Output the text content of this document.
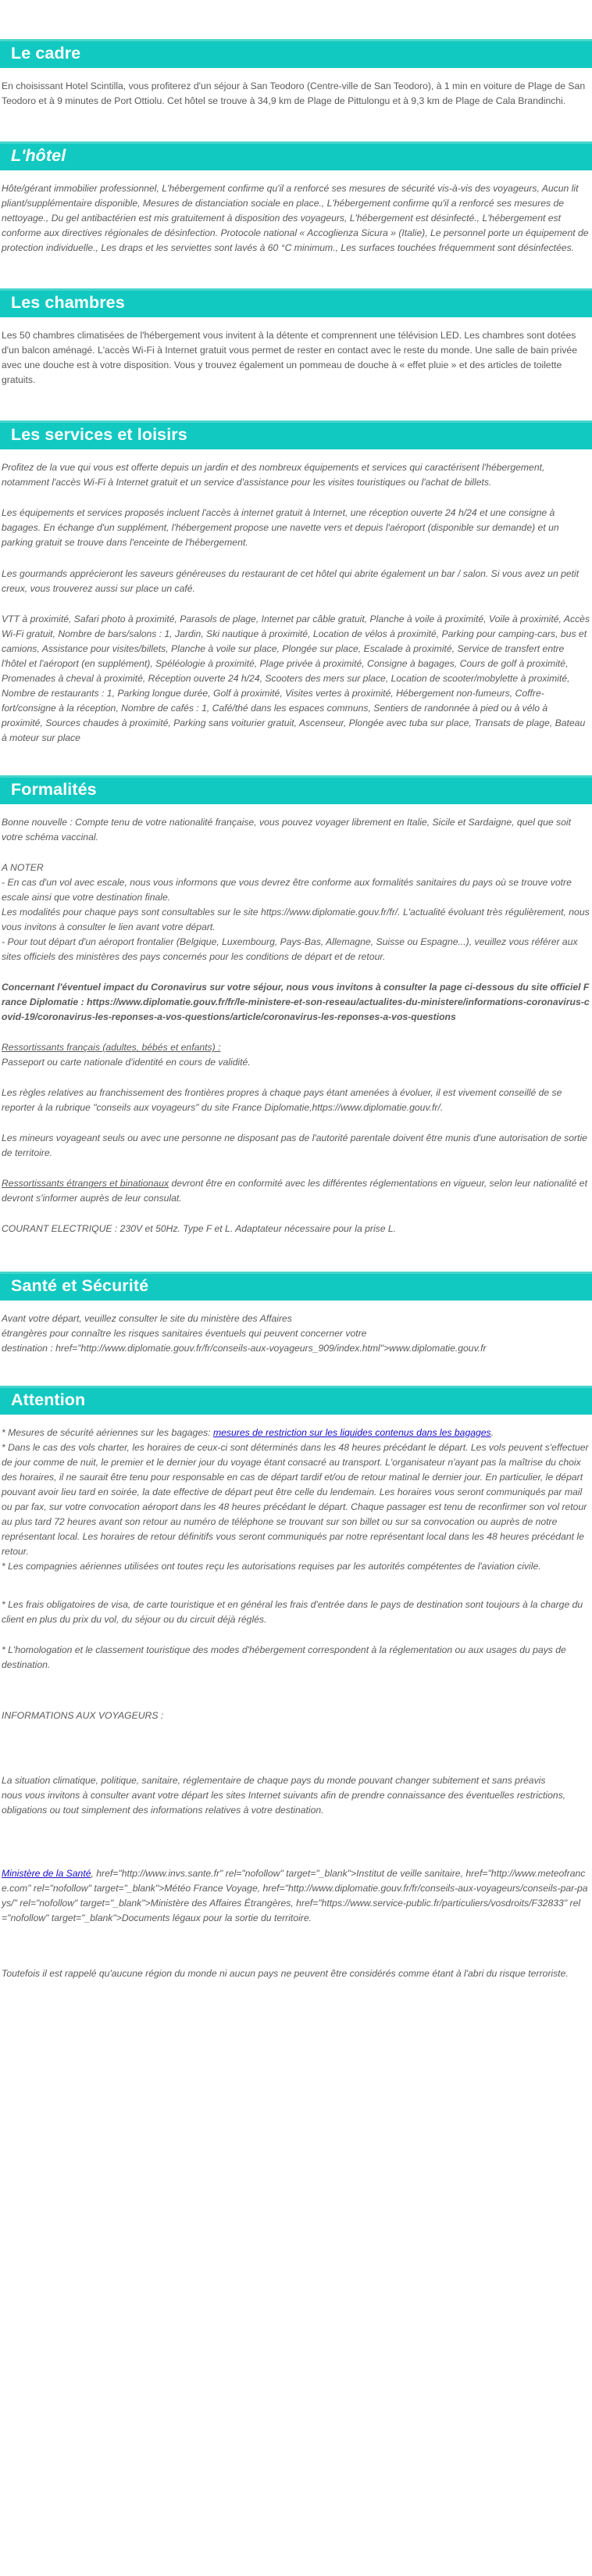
Le cadre

En choisissant Hotel Scintilla, vous profiterez d'un séjour à San Teodoro (Centre-ville de San Teodoro), à 1 min en voiture de Plage de San Teodoro et à 9 minutes de Port Ottiolu. Cet hôtel se trouve à 34,9 km de Plage de Pittulongu et à 9,3 km de Plage de Cala Brandinchi.

L'hôtel

Hôte/gérant immobilier professionnel, L'hébergement confirme qu'il a renforcé ses mesures de sécurité vis-à-vis des voyageurs, Aucun lit pliant/supplémentaire disponible, Mesures de distanciation sociale en place., L'hébergement confirme qu'il a renforcé ses mesures de nettoyage., Du gel antibactérien est mis gratuitement à disposition des voyageurs, L'hébergement est désinfecté., L'hébergement est conforme aux directives régionales de désinfection. Protocole national « Accoglienza Sicura » (Italie), Le personnel porte un équipement de protection individuelle., Les draps et les serviettes sont lavés à 60 °C minimum., Les surfaces touchées fréquemment sont désinfectées.

Les chambres

Les 50 chambres climatisées de l'hébergement vous invitent à la détente et comprennent une télévision LED. Les chambres sont dotées d'un balcon aménagé. L'accès Wi-Fi à Internet gratuit vous permet de rester en contact avec le reste du monde. Une salle de bain privée avec une douche est à votre disposition. Vous y trouvez également un pommeau de douche à « effet pluie » et des articles de toilette gratuits.

Les services et loisirs

Profitez de la vue qui vous est offerte depuis un jardin et des nombreux équipements et services qui caractérisent l'hébergement, notamment l'accès Wi-Fi à Internet gratuit et un service d'assistance pour les visites touristiques ou l'achat de billets.

Les équipements et services proposés incluent l'accès à internet gratuit à Internet, une réception ouverte 24 h/24 et une consigne à bagages. En échange d'un supplément, l'hébergement propose une navette vers et depuis l'aéroport (disponible sur demande) et un parking gratuit se trouve dans l'enceinte de l'hébergement.

Les gourmands apprécieront les saveurs généreuses du restaurant de cet hôtel qui abrite également un bar / salon. Si vous avez un petit creux, vous trouverez aussi sur place un café.

VTT à proximité, Safari photo à proximité, Parasols de plage, Internet par câble gratuit, Planche à voile à proximité, Voile à proximité, Accès Wi-Fi gratuit, Nombre de bars/salons : 1, Jardin, Ski nautique à proximité, Location de vélos à proximité, Parking pour camping-cars, bus et camions, Assistance pour visites/billets, Planche à voile sur place, Plongée sur place, Escalade à proximité, Service de transfert entre l'hôtel et l'aéroport (en supplément), Spéléologie à proximité, Plage privée à proximité, Consigne à bagages, Cours de golf à proximité, Promenades à cheval à proximité, Réception ouverte 24 h/24, Scooters des mers sur place, Location de scooter/mobylette à proximité, Nombre de restaurants : 1, Parking longue durée, Golf à proximité, Visites vertes à proximité, Hébergement non-fumeurs, Coffre-fort/consigne à la réception, Nombre de cafés : 1, Café/thé dans les espaces communs, Sentiers de randonnée à pied ou à vélo à proximité, Sources chaudes à proximité, Parking sans voiturier gratuit, Ascenseur, Plongée avec tuba sur place, Transats de plage, Bateau à moteur sur place

Formalités

Bonne nouvelle : Compte tenu de votre nationalité française, vous pouvez voyager librement en Italie, Sicile et Sardaigne, quel que soit votre schéma vaccinal.

A NOTER
- En cas d'un vol avec escale, nous vous informons que vous devrez être conforme aux formalités sanitaires du pays où se trouve votre escale ainsi que votre destination finale.
Les modalités pour chaque pays sont consultables sur le site https://www.diplomatie.gouv.fr/fr/. L'actualité évoluant très régulièrement, nous vous invitons à consulter le lien avant votre départ.
- Pour tout départ d'un aéroport frontalier (Belgique, Luxembourg, Pays-Bas, Allemagne, Suisse ou Espagne...), veuillez vous référer aux sites officiels des ministères des pays concernés pour les conditions de départ et de retour.

Concernant l'éventuel impact du Coronavirus sur votre séjour, nous vous invitons à consulter la page ci-dessous du site officiel France Diplomatie : https://www.diplomatie.gouv.fr/fr/le-ministere-et-son-reseau/actualites-du-ministere/informations-coronavirus-covid-19/coronavirus-les-reponses-a-vos-questions/article/coronavirus-les-reponses-a-vos-questions

Ressortissants français (adultes, bébés et enfants) :

Passeport ou carte nationale d'identité en cours de validité.

Les règles relatives au franchissement des frontières propres à chaque pays étant amenées à évoluer, il est vivement conseillé de se reporter à la rubrique "conseils aux voyageurs" du site France Diplomatie,https://www.diplomatie.gouv.fr/.

Les mineurs voyageant seuls ou avec une personne ne disposant pas de l'autorité parentale doivent être munis d'une autorisation de sortie de territoire.

Ressortissants étrangers et binationaux devront être en conformité avec les différentes réglementations en vigueur, selon leur nationalité et devront s'informer auprès de leur consulat.

COURANT ELECTRIQUE : 230V et 50Hz. Type F et L. Adaptateur nécessaire pour la prise L.

Santé et Sécurité

Avant votre départ, veuillez consulter le site du ministère des Affaires
étrangères pour connaître les risques sanitaires éventuels qui peuvent concerner votre
destination : href="http://www.diplomatie.gouv.fr/fr/conseils-aux-voyageurs_909/index.html">www.diplomatie.gouv.fr

Attention

* Mesures de sécurité aériennes sur les bagages: mesures de restriction sur les liquides contenus dans les bagages.

* Dans le cas des vols charter, les horaires de ceux-ci sont déterminés dans les 48 heures précédant le départ. Les vols peuvent s'effectuer de jour comme de nuit, le premier et le dernier jour du voyage étant consacré au transport. L'organisateur n'ayant pas la maîtrise du choix des horaires, il ne saurait être tenu pour responsable en cas de départ tardif et/ou de retour matinal le dernier jour. En particulier, le départ pouvant avoir lieu tard en soirée, la date effective de départ peut être celle du lendemain. Les horaires vous seront communiqués par mail ou par fax, sur votre convocation aéroport dans les 48 heures précédant le départ. Chaque passager est tenu de reconfirmer son vol retour au plus tard 72 heures avant son retour au numéro de téléphone se trouvant sur son billet ou sur sa convocation ou auprès de notre représentant local. Les horaires de retour définitifs vous seront communiqués par notre représentant local dans les 48 heures précédant le retour.

* Les compagnies aériennes utilisées ont toutes reçu les autorisations requises par les autorités compétentes de l'aviation civile.

* Les frais obligatoires de visa, de carte touristique et en général les frais d'entrée dans le pays de destination sont toujours à la charge du client en plus du prix du vol, du séjour ou du circuit déjà réglés.

* L'homologation et le classement touristique des modes d'hébergement correspondent à la réglementation ou aux usages du pays de destination.

INFORMATIONS AUX VOYAGEURS :

La situation climatique, politique, sanitaire, réglementaire de chaque pays du monde pouvant changer subitement et sans préavis
nous vous invitons à consulter avant votre départ les sites Internet suivants afin de prendre connaissance des éventuelles restrictions, obligations ou tout simplement des informations relatives à votre destination.

Ministère de la Santé, href="http://www.invs.sante.fr" rel="nofollow" target="_blank">Institut de veille sanitaire, href="http://www.meteofrance.com" rel="nofollow" target="_blank">Météo France Voyage, href="http://www.diplomatie.gouv.fr/fr/conseils-aux-voyageurs/conseils-par-pays/" rel="nofollow" target="_blank">Ministère des Affaires Étrangères, href="https://www.service-public.fr/particuliers/vosdroits/F32833" rel="nofollow" target="_blank">Documents légaux pour la sortie du territoire.

Toutefois il est rappelé qu'aucune région du monde ni aucun pays ne peuvent être considérés comme étant à l'abri du risque terroriste.
